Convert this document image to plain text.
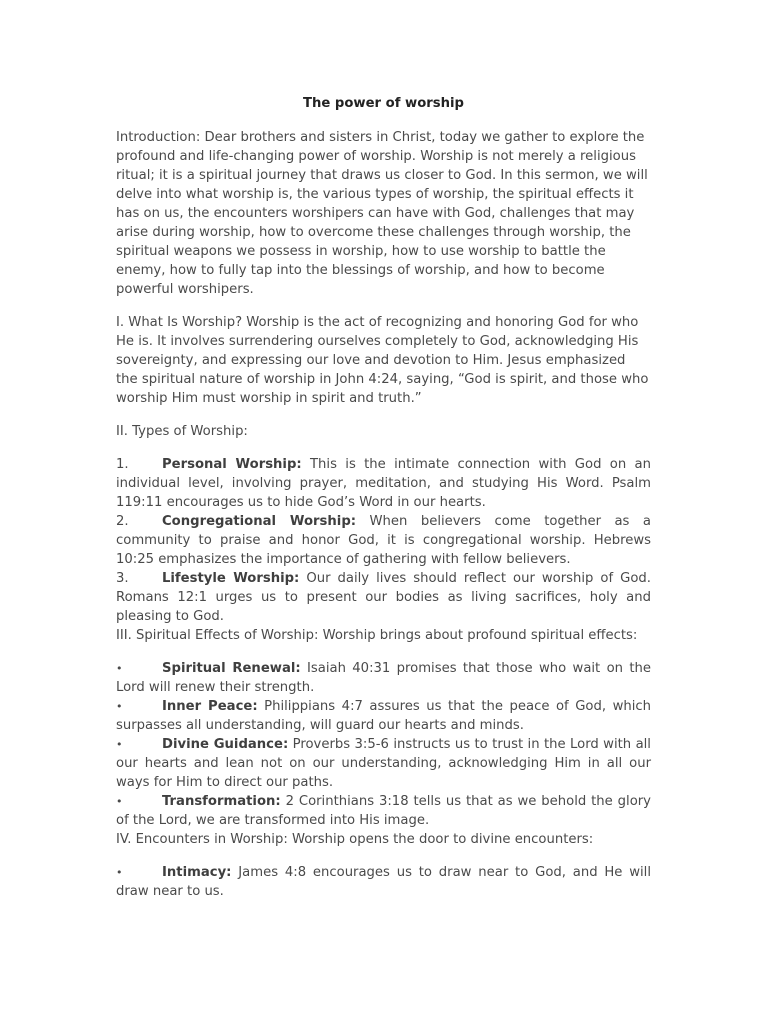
The power of worship

Introduction: Dear brothers and sisters in Christ, today we gather to explore the profound and life-changing power of worship. Worship is not merely a religious ritual; it is a spiritual journey that draws us closer to God. In this sermon, we will delve into what worship is, the various types of worship, the spiritual effects it has on us, the encounters worshipers can have with God, challenges that may arise during worship, how to overcome these challenges through worship, the spiritual weapons we possess in worship, how to use worship to battle the enemy, how to fully tap into the blessings of worship, and how to become powerful worshipers.

I. What Is Worship? Worship is the act of recognizing and honoring God for who He is. It involves surrendering ourselves completely to God, acknowledging His sovereignty, and expressing our love and devotion to Him. Jesus emphasized the spiritual nature of worship in John 4:24, saying, “God is spirit, and those who worship Him must worship in spirit and truth.”

II. Types of Worship:

1.	Personal Worship: This is the intimate connection with God on an individual level, involving prayer, meditation, and studying His Word. Psalm 119:11 encourages us to hide God’s Word in our hearts.
2.	Congregational Worship: When believers come together as a community to praise and honor God, it is congregational worship. Hebrews 10:25 emphasizes the importance of gathering with fellow believers.
3.	Lifestyle Worship: Our daily lives should reflect our worship of God. Romans 12:1 urges us to present our bodies as living sacrifices, holy and pleasing to God.

III. Spiritual Effects of Worship: Worship brings about profound spiritual effects:

•	Spiritual Renewal: Isaiah 40:31 promises that those who wait on the Lord will renew their strength.
•	Inner Peace: Philippians 4:7 assures us that the peace of God, which surpasses all understanding, will guard our hearts and minds.
•	Divine Guidance: Proverbs 3:5-6 instructs us to trust in the Lord with all our hearts and lean not on our understanding, acknowledging Him in all our ways for Him to direct our paths.
•	Transformation: 2 Corinthians 3:18 tells us that as we behold the glory of the Lord, we are transformed into His image.

IV. Encounters in Worship: Worship opens the door to divine encounters:

•	Intimacy: James 4:8 encourages us to draw near to God, and He will draw near to us.
